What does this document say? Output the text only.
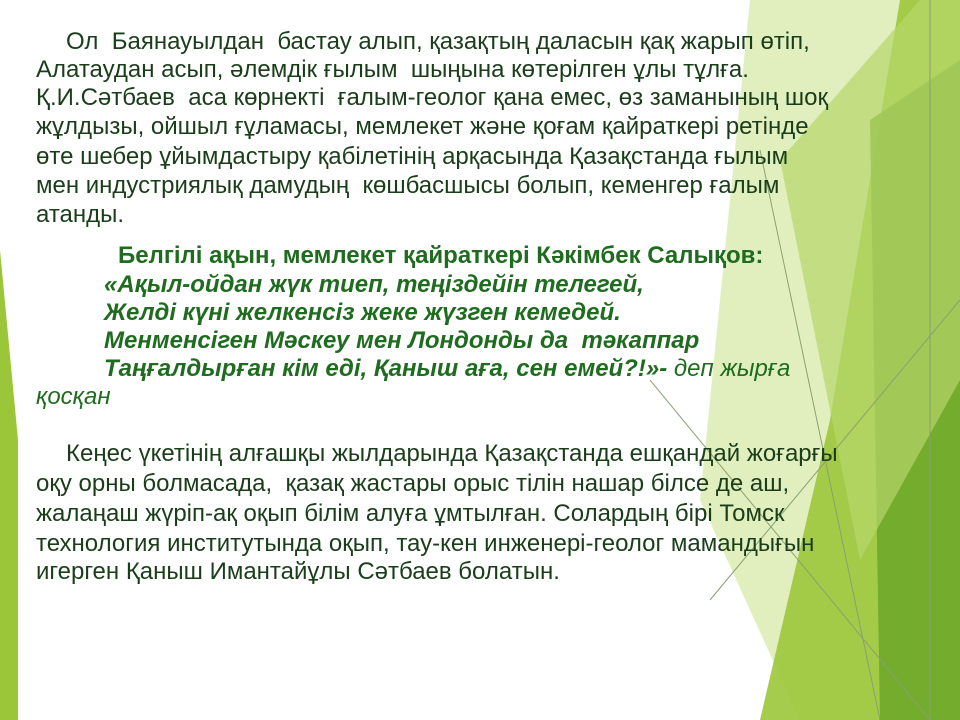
Ол  Баянауылдан  бастау алып, қазақтың даласын қақ жарып өтіп,
Алатаудан асып, әлемдік ғылым  шыңына көтерілген ұлы тұлға.
Қ.И.Сәтбаев  аса көрнекті  ғалым-геолог қана емес, өз заманының шоқ
жұлдызы, ойшыл ғұламасы, мемлекет және қоғам қайраткері ретінде
өте шебер ұйымдастыру қабілетінің арқасында Қазақстанда ғылым
мен индустриялық дамудың  көшбасшысы болып, кеменгер ғалым
атанды.
Белгілі ақын, мемлекет қайраткері Кәкімбек Салықов:
«Ақыл-ойдан жүк тиеп, теңіздейін телегей,
Желді күні желкенсіз жеке жүзген кемедей.
Менменсіген Мәскеу мен Лондонды да  тәкаппар
Таңғалдырған кім еді, Қаныш аға, сен емей?!»- деп жырға
қосқан
Кеңес үкетінің алғашқы жылдарында Қазақстанда ешқандай жоғарғы
оқу орны болмасада,  қазақ жастары орыс тілін нашар білсе де аш,
жалаңаш жүріп-ақ оқып білім алуға ұмтылған. Солардың бірі Томск
технология институтында оқып, тау-кен инженері-геолог мамандығын
игерген Қаныш Имантайұлы Сәтбаев болатын.
